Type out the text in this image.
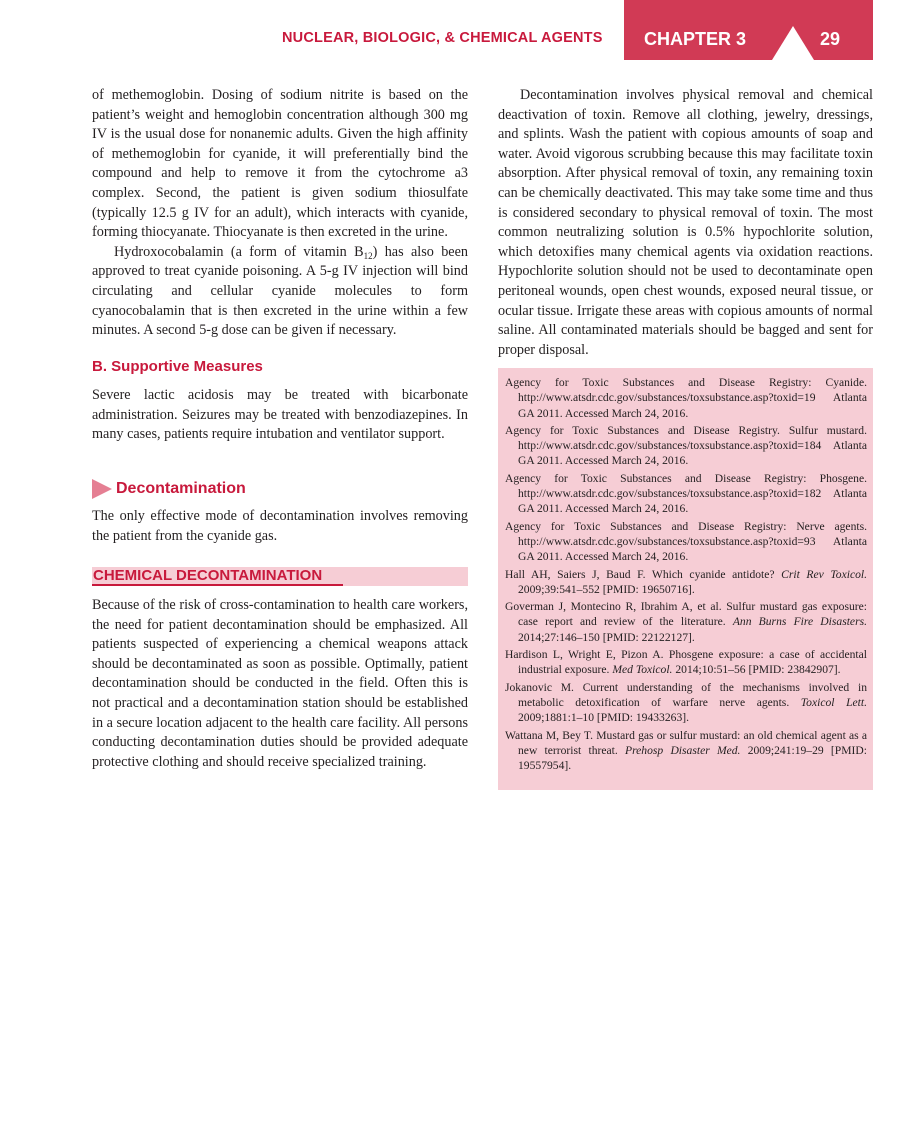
NUCLEAR, BIOLOGIC, & CHEMICAL AGENTS CHAPTER 3	29

of methemoglobin. Dosing of sodium nitrite is based on the patient’s weight and hemoglobin concentration although 300 mg IV is the usual dose for nonanemic adults. Given the high affinity of methemoglobin for cyanide, it will preferentially bind the compound and help to remove it from the cytochrome a3 complex. Second, the patient is given sodium thiosulfate (typically 12.5 g IV for an adult), which interacts with cyanide, forming thiocyanate. Thiocyanate is then excreted in the urine.

Hydroxocobalamin (a form of vitamin $B_{12}$) has also been approved to treat cyanide poisoning. A 5-g IV injection will bind circulating and cellular cyanide molecules to form cyanocobalamin that is then excreted in the urine within a few minutes. A second 5-g dose can be given if necessary.

B. Supportive Measures

Severe lactic acidosis may be treated with bicarbonate administration. Seizures may be treated with benzodiazepines. In many cases, patients require intubation and ventilator support.

Decontamination

The only effective mode of decontamination involves removing the patient from the cyanide gas.

CHEMICAL DECONTAMINATION

Because of the risk of cross-contamination to health care workers, the need for patient decontamination should be emphasized. All patients suspected of experiencing a chemical weapons attack should be decontaminated as soon as possible. Optimally, patient decontamination should be conducted in the field. Often this is not practical and a decontamination station should be established in a secure location adjacent to the health care facility. All persons conducting decontamination duties should be provided adequate protective clothing and should receive specialized training.

Decontamination involves physical removal and chemical deactivation of toxin. Remove all clothing, jewelry, dressings, and splints. Wash the patient with copious amounts of soap and water. Avoid vigorous scrubbing because this may facilitate toxin absorption. After physical removal of toxin, any remaining toxin can be chemically deactivated. This may take some time and thus is considered secondary to physical removal of toxin. The most common neutralizing solution is 0.5% hypochlorite solution, which detoxifies many chemical agents via oxidation reactions. Hypochlorite solution should not be used to decontaminate open peritoneal wounds, open chest wounds, exposed neural tissue, or ocular tissue. Irrigate these areas with copious amounts of normal saline. All contaminated materials should be bagged and sent for proper disposal.

Agency for Toxic Substances and Disease Registry: Cyanide. http://www.atsdr.cdc.gov/substances/toxsubstance.asp?toxid=19 Atlanta GA 2011. Accessed March 24, 2016.

Agency for Toxic Substances and Disease Registry. Sulfur mustard. http://www.atsdr.cdc.gov/substances/toxsubstance.asp?toxid=184 Atlanta GA 2011. Accessed March 24, 2016.

Agency for Toxic Substances and Disease Registry: Phosgene. http://www.atsdr.cdc.gov/substances/toxsubstance.asp?toxid=182 Atlanta GA 2011. Accessed March 24, 2016.

Agency for Toxic Substances and Disease Registry: Nerve agents. http://www.atsdr.cdc.gov/substances/toxsubstance.asp?toxid=93 Atlanta GA 2011. Accessed March 24, 2016.

Hall AH, Saiers J, Baud F. Which cyanide antidote? Crit Rev Toxicol. 2009;39:541–552 [PMID: 19650716].

Goverman J, Montecino R, Ibrahim A, et al. Sulfur mustard gas exposure: case report and review of the literature. Ann Burns Fire Disasters. 2014;27:146–150 [PMID: 22122127].

Hardison L, Wright E, Pizon A. Phosgene exposure: a case of accidental industrial exposure. Med Toxicol. 2014;10:51–56 [PMID: 23842907].

Jokanovic M. Current understanding of the mechanisms involved in metabolic detoxification of warfare nerve agents. Toxicol Lett. 2009;1881:1–10 [PMID: 19433263].

Wattana M, Bey T. Mustard gas or sulfur mustard: an old chemical agent as a new terrorist threat. Prehosp Disaster Med. 2009;241:19–29 [PMID: 19557954].
